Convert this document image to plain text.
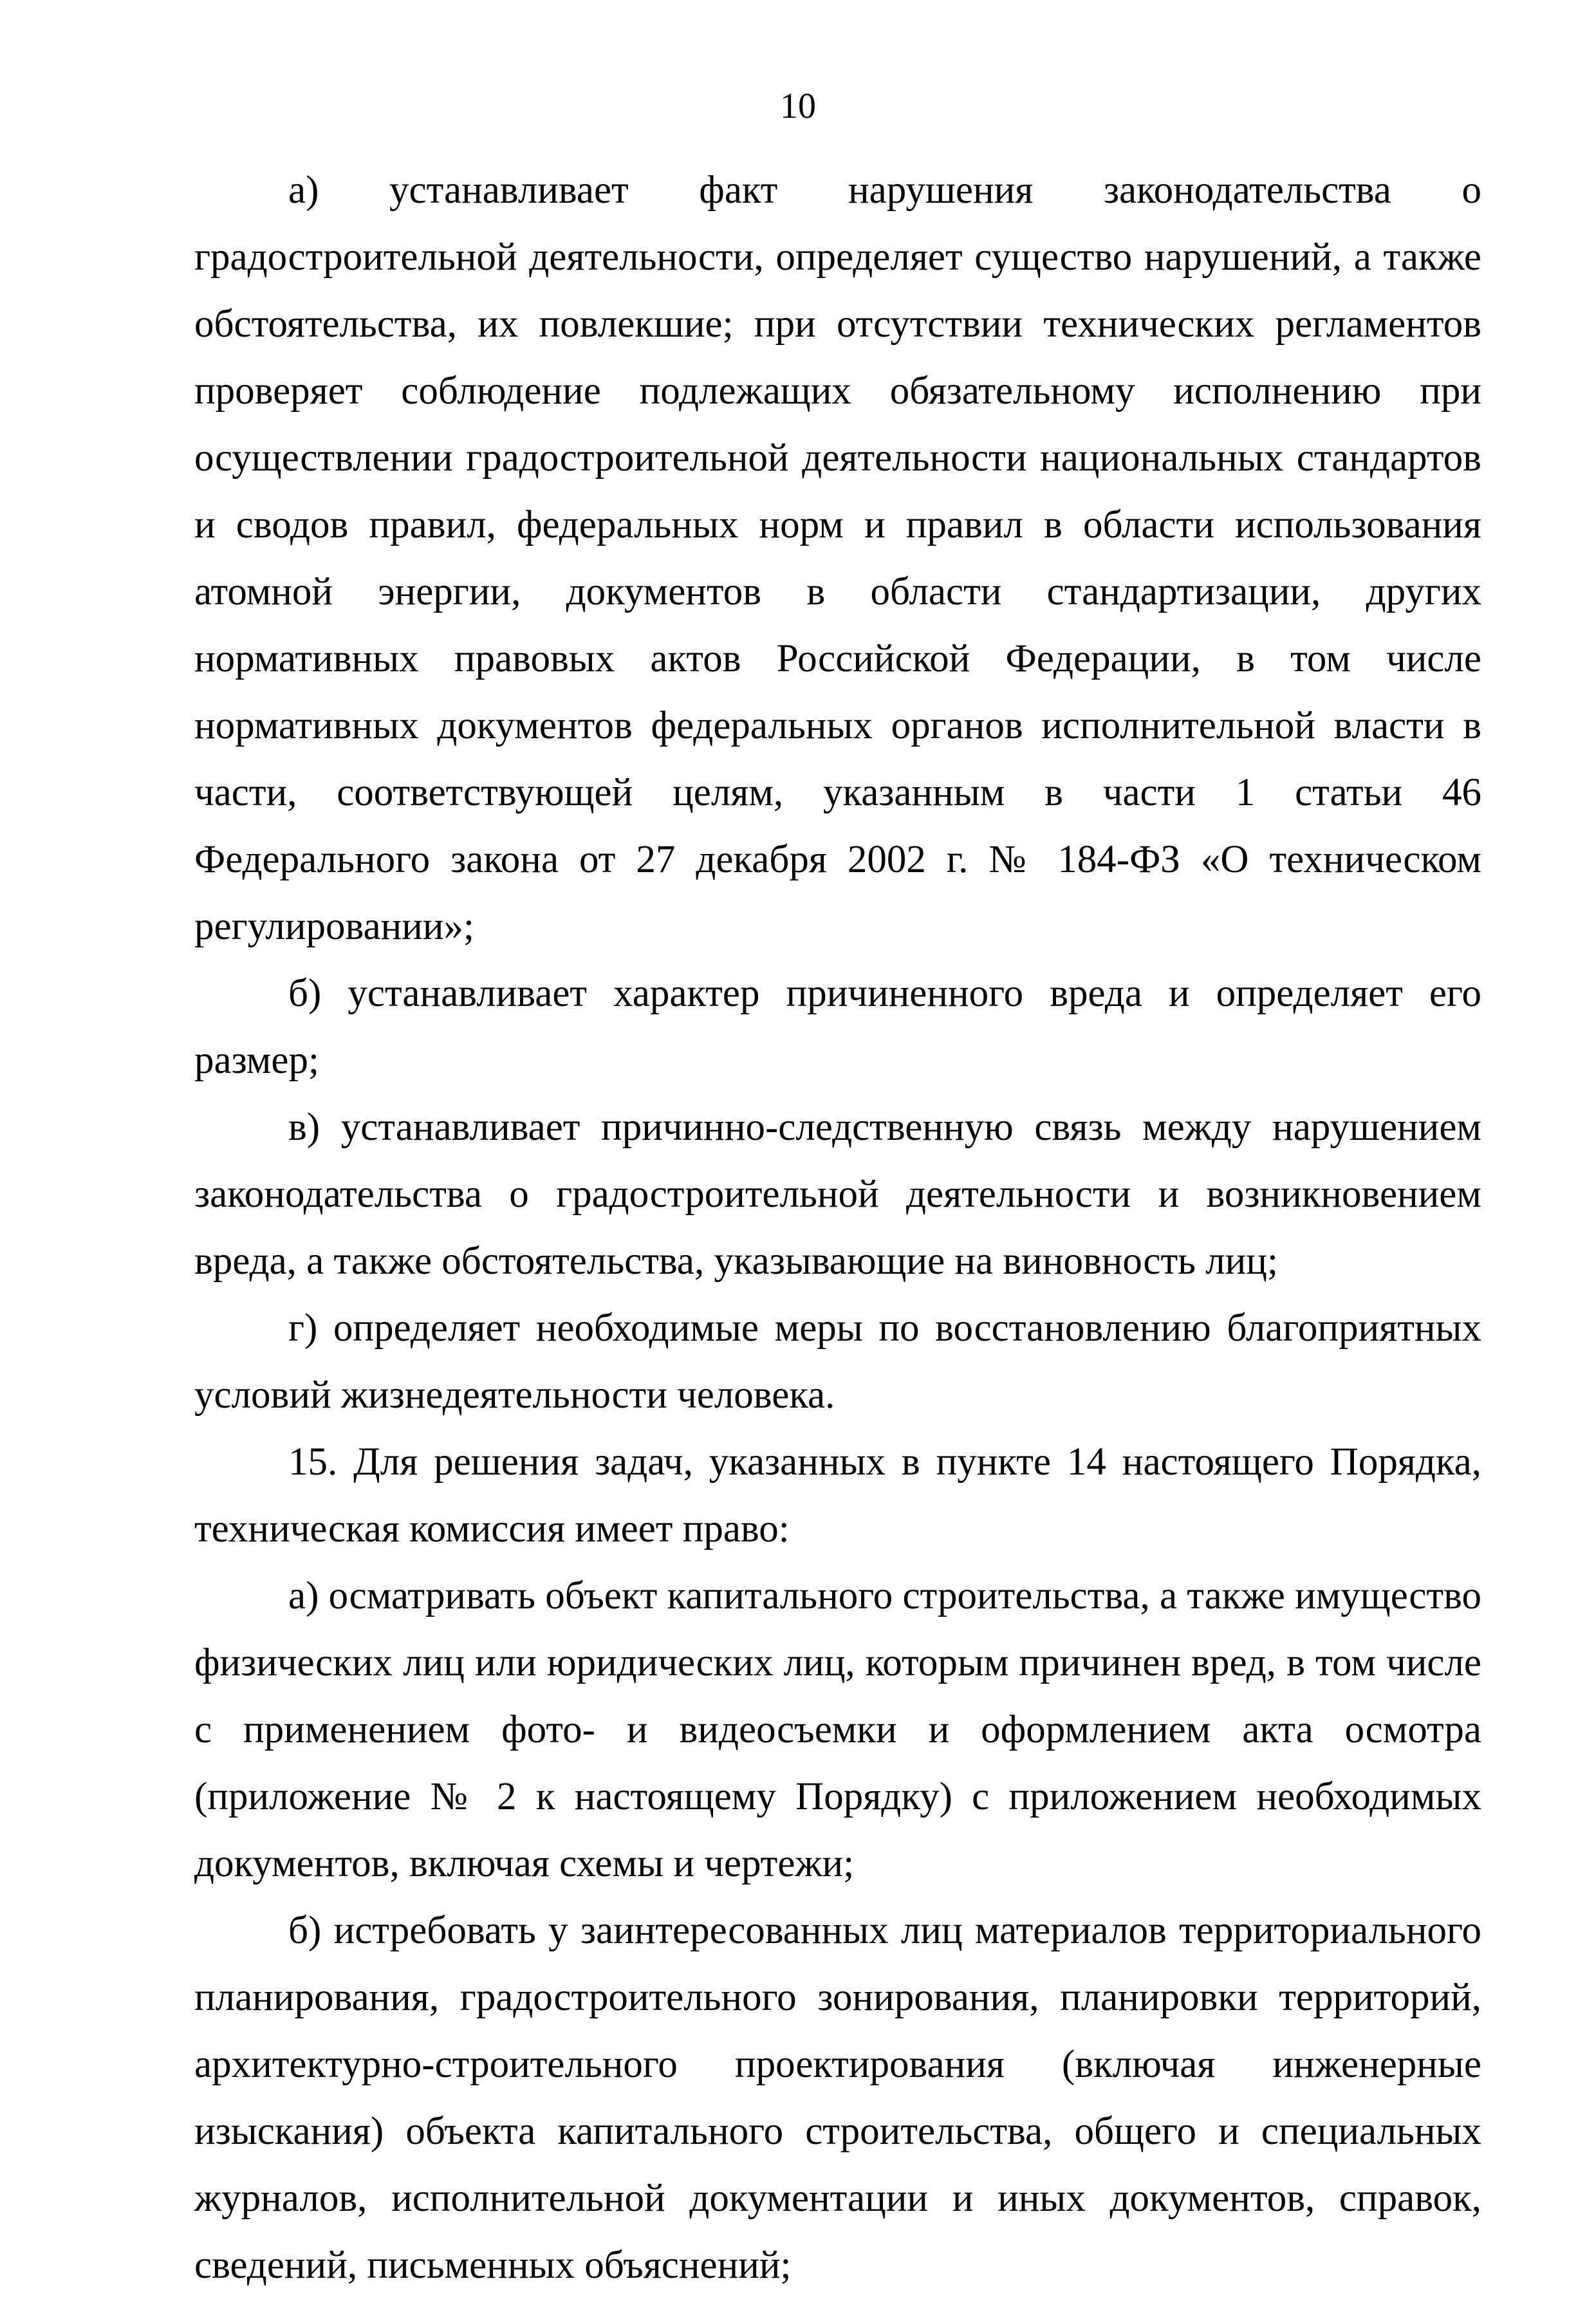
10

а) устанавливает факт нарушения законодательства о градостроительной деятельности, определяет существо нарушений, а также обстоятельства, их повлекшие; при отсутствии технических регламентов проверяет соблюдение подлежащих обязательному исполнению при осуществлении градостроительной деятельности национальных стандартов и сводов правил, федеральных норм и правил в области использования атомной энергии, документов в области стандартизации, других нормативных правовых актов Российской Федерации, в том числе нормативных документов федеральных органов исполнительной власти в части, соответствующей целям, указанным в части 1 статьи 46 Федерального закона от 27 декабря 2002 г. № 184-ФЗ «О техническом регулировании»;

б) устанавливает характер причиненного вреда и определяет его размер;

в) устанавливает причинно-следственную связь между нарушением законодательства о градостроительной деятельности и возникновением вреда, а также обстоятельства, указывающие на виновность лиц;

г) определяет необходимые меры по восстановлению благоприятных условий жизнедеятельности человека.

15. Для решения задач, указанных в пункте 14 настоящего Порядка, техническая комиссия имеет право:

а) осматривать объект капитального строительства, а также имущество физических лиц или юридических лиц, которым причинен вред, в том числе с применением фото- и видеосъемки и оформлением акта осмотра (приложение № 2 к настоящему Порядку) с приложением необходимых документов, включая схемы и чертежи;

б) истребовать у заинтересованных лиц материалов территориального планирования, градостроительного зонирования, планировки территорий, архитектурно-строительного проектирования (включая инженерные изыскания) объекта капитального строительства, общего и специальных журналов, исполнительной документации и иных документов, справок, сведений, письменных объяснений;
